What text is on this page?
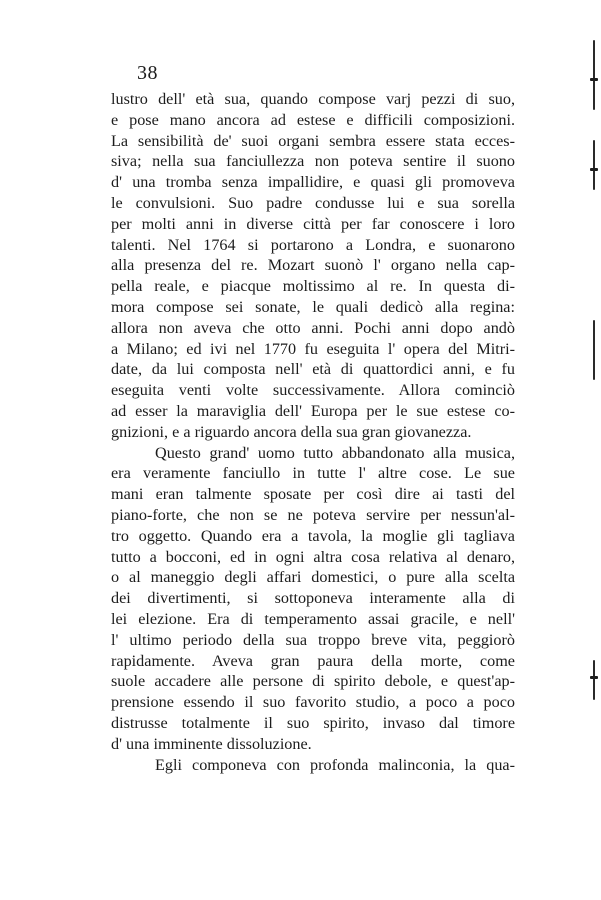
38
lustro dell' età sua, quando compose varj pezzi di suo,
e pose mano ancora ad estese e difficili composizioni.
La sensibilità de' suoi organi sembra essere stata ecces-
siva; nella sua fanciullezza non poteva sentire il suono
d' una tromba senza impallidire, e quasi gli promoveva
le convulsioni. Suo padre condusse lui e sua sorella
per molti anni in diverse città per far conoscere i loro
talenti. Nel 1764 si portarono a Londra, e suonarono
alla presenza del re. Mozart suonò l' organo nella cap-
pella reale, e piacque moltissimo al re. In questa di-
mora compose sei sonate, le quali dedicò alla regina:
allora non aveva che otto anni. Pochi anni dopo andò
a Milano; ed ivi nel 1770 fu eseguita l' opera del Mitri-
date, da lui composta nell' età di quattordici anni, e fu
eseguita venti volte successivamente. Allora cominciò
ad esser la maraviglia dell' Europa per le sue estese co-
gnizioni, e a riguardo ancora della sua gran giovanezza.
Questo grand' uomo tutto abbandonato alla musica,
era veramente fanciullo in tutte l' altre cose. Le sue
mani eran talmente sposate per così dire ai tasti del
piano-forte, che non se ne poteva servire per nessun'al-
tro oggetto. Quando era a tavola, la moglie gli tagliava
tutto a bocconi, ed in ogni altra cosa relativa al denaro,
o al maneggio degli affari domestici, o pure alla scelta
dei divertimenti, si sottoponeva interamente alla di
lei elezione. Era di temperamento assai gracile, e nell'
l' ultimo periodo della sua troppo breve vita, peggiorò
rapidamente. Aveva gran paura della morte, come
suole accadere alle persone di spirito debole, e quest'ap-
prensione essendo il suo favorito studio, a poco a poco
distrusse totalmente il suo spirito, invaso dal timore
d' una imminente dissoluzione.
Egli componeva con profonda malinconia, la qua-
